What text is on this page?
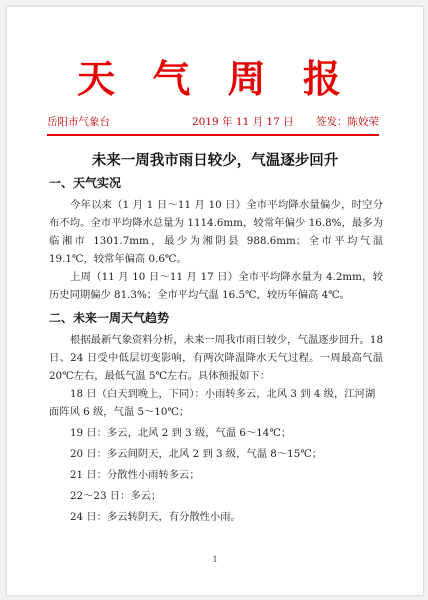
天 气 周 报
岳阳市气象台	2019 年 11 月 17 日 签发：陈姣荣
未来一周我市雨日较少，气温逐步回升
一、天气实况

今年以来（1 月 1 日～11 月 10 日）全市平均降水量偏少，时空分布不均。全市平均降水总量为 1114.6mm，较常年偏少 16.8%，最多为临湘市 1301.7mm，最少为湘阴县 988.6mm；全市平均气温 19.1℃，较常年偏高 0.6℃。

上周（11 月 10 日～11 月 17 日）全市平均降水量为 4.2mm，较历史同期偏少 81.3%；全市平均气温 16.5℃，较历年偏高 4℃。

二、未来一周天气趋势

根据最新气象资料分析，未来一周我市雨日较少，气温逐步回升。18 日、24 日受中低层切变影响，有两次降温降水天气过程。一周最高气温 20℃左右，最低气温 5℃左右。具体预报如下：

18 日（白天到晚上，下同）：小雨转多云，北风 3 到 4 级，江河湖面阵风 6 级，气温 5～10℃；
19 日：多云，北风 2 到 3 级，气温 6～14℃；
20 日：多云间阴天，北风 2 到 3 级，气温 8～15℃；
21 日：分散性小雨转多云；
22～23 日：多云；
24 日：多云转阴天，有分散性小雨。
1
